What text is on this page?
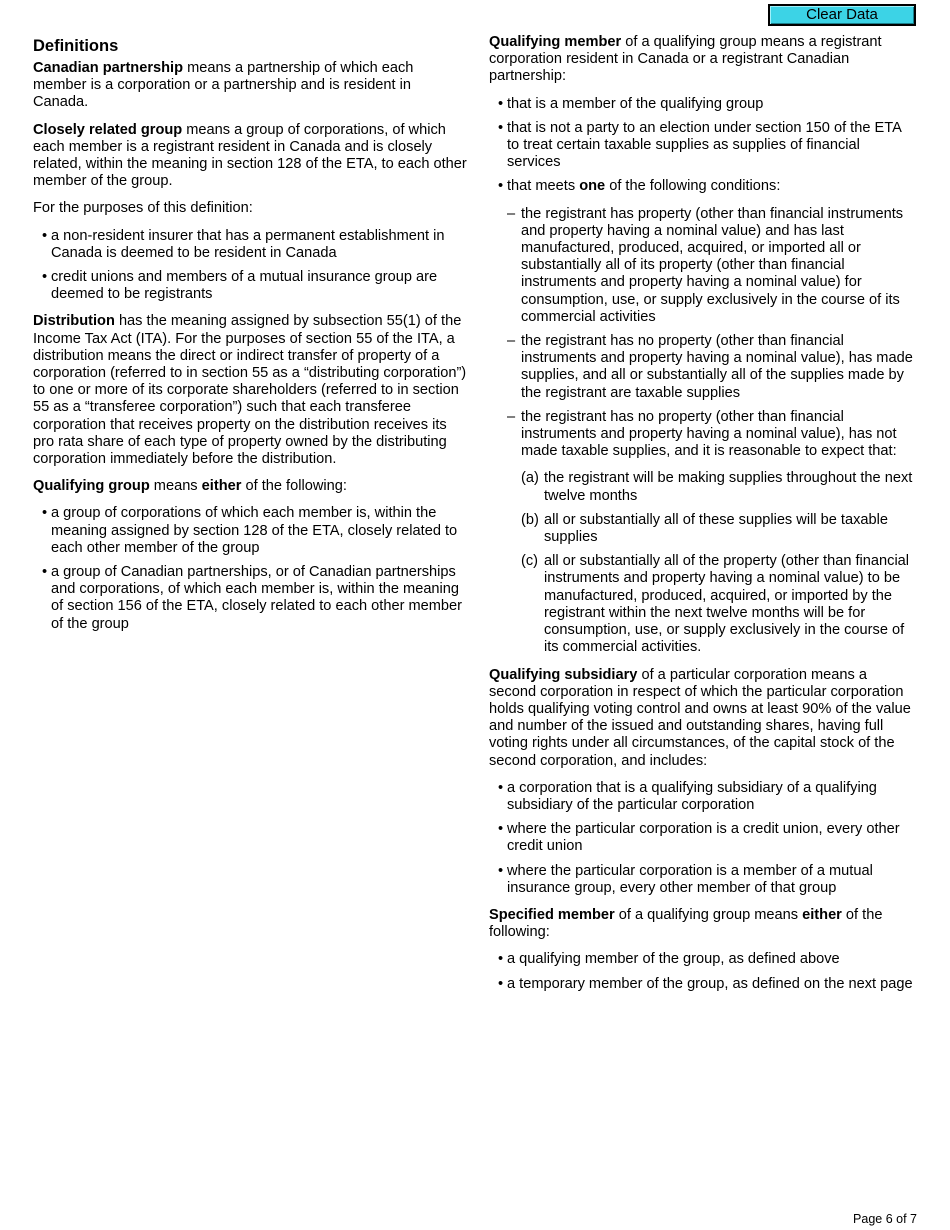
Clear Data
Definitions

Canadian partnership means a partnership of which each member is a corporation or a partnership and is resident in Canada.

Closely related group means a group of corporations, of which each member is a registrant resident in Canada and is closely related, within the meaning in section 128 of the ETA, to each other member of the group.

For the purposes of this definition:

• a non-resident insurer that has a permanent establishment in Canada is deemed to be resident in Canada
• credit unions and members of a mutual insurance group are deemed to be registrants

Distribution has the meaning assigned by subsection 55(1) of the Income Tax Act (ITA). For the purposes of section 55 of the ITA, a distribution means the direct or indirect transfer of property of a corporation (referred to in section 55 as a “distributing corporation”) to one or more of its corporate shareholders (referred to in section 55 as a “transferee corporation”) such that each transferee corporation that receives property on the distribution receives its pro rata share of each type of property owned by the distributing corporation immediately before the distribution.

Qualifying group means either of the following:

• a group of corporations of which each member is, within the meaning assigned by section 128 of the ETA, closely related to each other member of the group
• a group of Canadian partnerships, or of Canadian partnerships and corporations, of which each member is, within the meaning of section 156 of the ETA, closely related to each other member of the group

Qualifying member of a qualifying group means a registrant corporation resident in Canada or a registrant Canadian partnership:

• that is a member of the qualifying group
• that is not a party to an election under section 150 of the ETA to treat certain taxable supplies as supplies of financial services
• that meets one of the following conditions:
– the registrant has property (other than financial instruments and property having a nominal value) and has last manufactured, produced, acquired, or imported all or substantially all of its property (other than financial instruments and property having a nominal value) for consumption, use, or supply exclusively in the course of its commercial activities
– the registrant has no property (other than financial instruments and property having a nominal value), has made supplies, and all or substantially all of the supplies made by the registrant are taxable supplies
– the registrant has no property (other than financial instruments and property having a nominal value), has not made taxable supplies, and it is reasonable to expect that:
(a) the registrant will be making supplies throughout the next twelve months
(b) all or substantially all of these supplies will be taxable supplies
(c) all or substantially all of the property (other than financial instruments and property having a nominal value) to be manufactured, produced, acquired, or imported by the registrant within the next twelve months will be for consumption, use, or supply exclusively in the course of its commercial activities.

Qualifying subsidiary of a particular corporation means a second corporation in respect of which the particular corporation holds qualifying voting control and owns at least 90% of the value and number of the issued and outstanding shares, having full voting rights under all circumstances, of the capital stock of the second corporation, and includes:

• a corporation that is a qualifying subsidiary of a qualifying subsidiary of the particular corporation
• where the particular corporation is a credit union, every other credit union
• where the particular corporation is a member of a mutual insurance group, every other member of that group

Specified member of a qualifying group means either of the following:

• a qualifying member of the group, as defined above
• a temporary member of the group, as defined on the next page
Page 6 of 7
